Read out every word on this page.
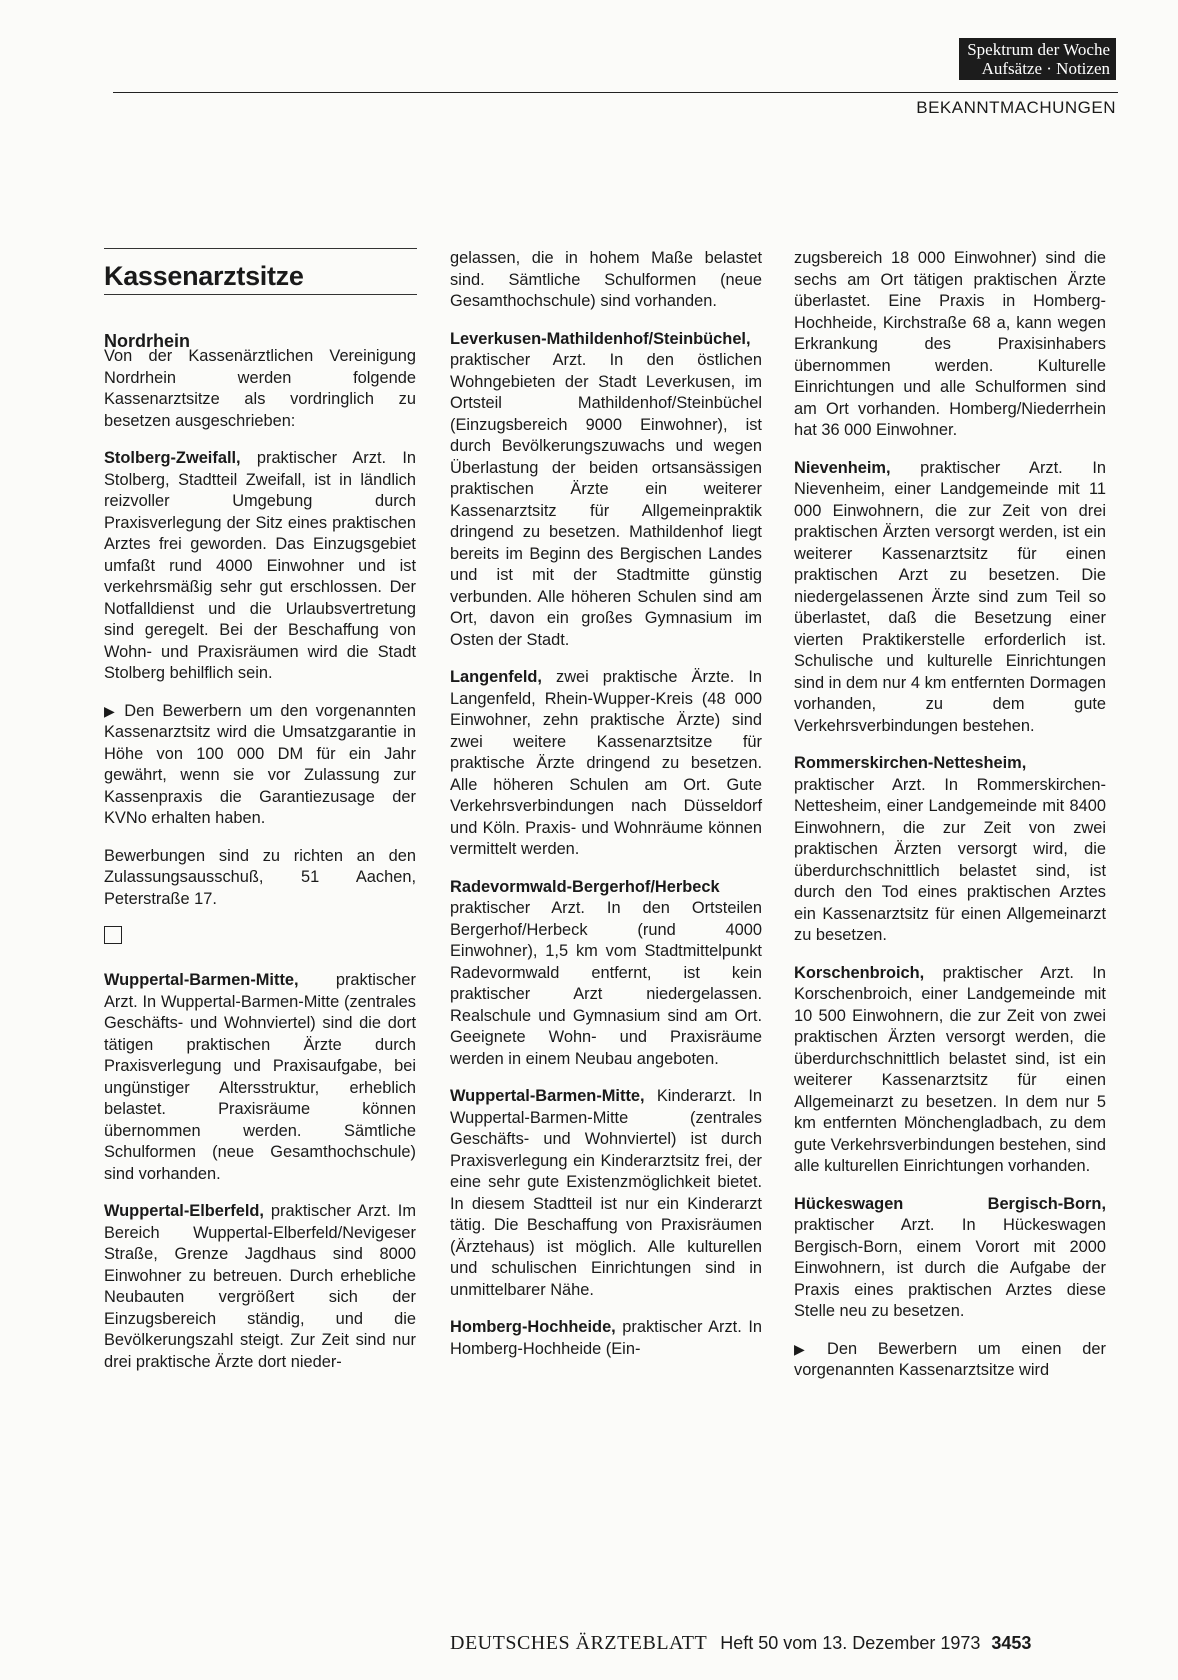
Spektrum der Woche
Aufsätze · Notizen
BEKANNTMACHUNGEN
Kassenarztsitze
Nordrhein

Von der Kassenärztlichen Vereinigung Nordrhein werden folgende Kassenarztsitze als vordringlich zu besetzen ausgeschrieben:

Stolberg-Zweifall, praktischer Arzt. In Stolberg, Stadtteil Zweifall, ist in ländlich reizvoller Umgebung durch Praxisverlegung der Sitz eines praktischen Arztes frei geworden. Das Einzugsgebiet umfaßt rund 4000 Einwohner und ist verkehrsmäßig sehr gut erschlossen. Der Notfalldienst und die Urlaubsvertretung sind geregelt. Bei der Beschaffung von Wohn- und Praxisräumen wird die Stadt Stolberg behilflich sein.

▶ Den Bewerbern um den vorgenannten Kassenarztsitz wird die Umsatzgarantie in Höhe von 100 000 DM für ein Jahr gewährt, wenn sie vor Zulassung zur Kassenpraxis die Garantiezusage der KVNo erhalten haben.

Bewerbungen sind zu richten an den Zulassungsausschuß, 51 Aachen, Peterstraße 17.

Wuppertal-Barmen-Mitte, praktischer Arzt. In Wuppertal-Barmen-Mitte (zentrales Geschäfts- und Wohnviertel) sind die dort tätigen praktischen Ärzte durch Praxisverlegung und Praxisaufgabe, bei ungünstiger Altersstruktur, erheblich belastet. Praxisräume können übernommen werden. Sämtliche Schulformen (neue Gesamthochschule) sind vorhanden.

Wuppertal-Elberfeld, praktischer Arzt. Im Bereich Wuppertal-Elberfeld/Nevigeser Straße, Grenze Jagdhaus sind 8000 Einwohner zu betreuen. Durch erhebliche Neubauten vergrößert sich der Einzugsbereich ständig, und die Bevölkerungszahl steigt. Zur Zeit sind nur drei praktische Ärzte dort nieder-

gelassen, die in hohem Maße belastet sind. Sämtliche Schulformen (neue Gesamthochschule) sind vorhanden.

Leverkusen-Mathildenhof/Steinbüchel, praktischer Arzt. In den östlichen Wohngebieten der Stadt Leverkusen, im Ortsteil Mathildenhof/Steinbüchel (Einzugsbereich 9000 Einwohner), ist durch Bevölkerungszuwachs und wegen Überlastung der beiden ortsansässigen praktischen Ärzte ein weiterer Kassenarztsitz für Allgemeinpraktik dringend zu besetzen. Mathildenhof liegt bereits im Beginn des Bergischen Landes und ist mit der Stadtmitte günstig verbunden. Alle höheren Schulen sind am Ort, davon ein großes Gymnasium im Osten der Stadt.

Langenfeld, zwei praktische Ärzte. In Langenfeld, Rhein-Wupper-Kreis (48 000 Einwohner, zehn praktische Ärzte) sind zwei weitere Kassenarztsitze für praktische Ärzte dringend zu besetzen. Alle höheren Schulen am Ort. Gute Verkehrsverbindungen nach Düsseldorf und Köln. Praxis- und Wohnräume können vermittelt werden.

Radevormwald-Bergerhof/Herbeck praktischer Arzt. In den Ortsteilen Bergerhof/Herbeck (rund 4000 Einwohner), 1,5 km vom Stadtmittelpunkt Radevormwald entfernt, ist kein praktischer Arzt niedergelassen. Realschule und Gymnasium sind am Ort. Geeignete Wohn- und Praxisräume werden in einem Neubau angeboten.

Wuppertal-Barmen-Mitte, Kinderarzt. In Wuppertal-Barmen-Mitte (zentrales Geschäfts- und Wohnviertel) ist durch Praxisverlegung ein Kinderarztsitz frei, der eine sehr gute Existenzmöglichkeit bietet. In diesem Stadtteil ist nur ein Kinderarzt tätig. Die Beschaffung von Praxisräumen (Ärztehaus) ist möglich. Alle kulturellen und schulischen Einrichtungen sind in unmittelbarer Nähe.

Homberg-Hochheide, praktischer Arzt. In Homberg-Hochheide (Ein-

zugsbereich 18 000 Einwohner) sind die sechs am Ort tätigen praktischen Ärzte überlastet. Eine Praxis in Homberg-Hochheide, Kirchstraße 68 a, kann wegen Erkrankung des Praxisinhabers übernommen werden. Kulturelle Einrichtungen und alle Schulformen sind am Ort vorhanden. Homberg/Niederrhein hat 36 000 Einwohner.

Nievenheim, praktischer Arzt. In Nievenheim, einer Landgemeinde mit 11 000 Einwohnern, die zur Zeit von drei praktischen Ärzten versorgt werden, ist ein weiterer Kassenarztsitz für einen praktischen Arzt zu besetzen. Die niedergelassenen Ärzte sind zum Teil so überlastet, daß die Besetzung einer vierten Praktikerstelle erforderlich ist. Schulische und kulturelle Einrichtungen sind in dem nur 4 km entfernten Dormagen vorhanden, zu dem gute Verkehrsverbindungen bestehen.

Rommerskirchen-Nettesheim, praktischer Arzt. In Rommerskirchen-Nettesheim, einer Landgemeinde mit 8400 Einwohnern, die zur Zeit von zwei praktischen Ärzten versorgt wird, die überdurchschnittlich belastet sind, ist durch den Tod eines praktischen Arztes ein Kassenarztsitz für einen Allgemeinarzt zu besetzen.

Korschenbroich, praktischer Arzt. In Korschenbroich, einer Landgemeinde mit 10 500 Einwohnern, die zur Zeit von zwei praktischen Ärzten versorgt werden, die überdurchschnittlich belastet sind, ist ein weiterer Kassenarztsitz für einen Allgemeinarzt zu besetzen. In dem nur 5 km entfernten Mönchengladbach, zu dem gute Verkehrsverbindungen bestehen, sind alle kulturellen Einrichtungen vorhanden.

Hückeswagen Bergisch-Born, praktischer Arzt. In Hückeswagen Bergisch-Born, einem Vorort mit 2000 Einwohnern, ist durch die Aufgabe der Praxis eines praktischen Arztes diese Stelle neu zu besetzen.

▶ Den Bewerbern um einen der vorgenannten Kassenarztsitze wird

DEUTSCHES ÄRZTEBLATT Heft 50 vom 13. Dezember 1973 3453
